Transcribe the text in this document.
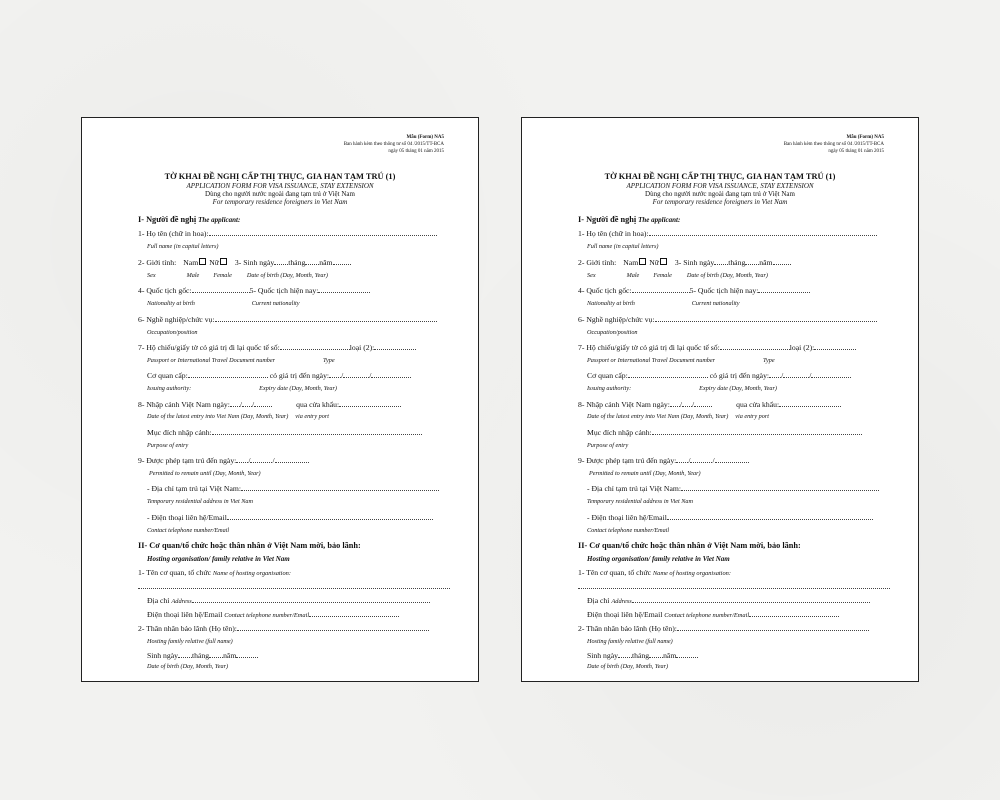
Mẫu (Form) NA5
Ban hành kèm theo thông tư số 04 /2015/TT-BCA
ngày 05 tháng 01 năm 2015
TỜ KHAI ĐỀ NGHỊ CẤP THỊ THỰC, GIA HẠN TẠM TRÚ (1)
APPLICATION FORM FOR VISA ISSUANCE, STAY EXTENSION
Dùng cho người nước ngoài đang tạm trú ở Việt Nam
For temporary residence foreigners in Viet Nam
I- Người đề nghị The applicant:
1- Họ tên (chữ in hoa):
Full name (in capital letters)
2- Giới tính: Nam Nữ 3- Sinh ngày tháng năm
Sex	Male Female Date of birth (Day, Month, Year)
4- Quốc tịch gốc:	5- Quốc tịch hiện nay:
Nationality at birth	Current nationality
6- Nghề nghiệp/chức vụ:
Occupation/position
7- Hộ chiếu/giấy tờ có giá trị đi lại quốc tế số:	loại (2):
Passport or International Travel Document number	Type
Cơ quan cấp:	có giá trị đến ngày: /	/
Issuing authority:	Expiry date (Day, Month, Year)
8- Nhập cảnh Việt Nam ngày: / /	qua cửa khẩu:
Date of the latest entry into Viet Nam (Day, Month, Year) via entry port
Mục đích nhập cảnh:
Purpose of entry
9- Được phép tạm trú đến ngày: /	/
Permitted to remain until (Day, Month, Year)
- Địa chỉ tạm trú tại Việt Nam:
Temporary residential address in Viet Nam
- Điện thoại liên hệ/Email
Contact telephone number/Email
II- Cơ quan/tổ chức hoặc thân nhân ở Việt Nam mời, bảo lãnh:
Hosting organisation/ family relative in Viet Nam
1- Tên cơ quan, tổ chức Name of hosting organisation:
Địa chỉ Address
Điện thoại liên hệ/Email Contact telephone number/Email
2- Thân nhân bảo lãnh (Họ tên):
Hosting family relative (full name)
Sinh ngày tháng năm
Date of birth (Day, Month, Year)
Mẫu (Form) NA5
Ban hành kèm theo thông tư số 04 /2015/TT-BCA
ngày 05 tháng 01 năm 2015
TỜ KHAI ĐỀ NGHỊ CẤP THỊ THỰC, GIA HẠN TẠM TRÚ (1)
APPLICATION FORM FOR VISA ISSUANCE, STAY EXTENSION
Dùng cho người nước ngoài đang tạm trú ở Việt Nam
For temporary residence foreigners in Viet Nam
I- Người đề nghị The applicant:
1- Họ tên (chữ in hoa):
Full name (in capital letters)
2- Giới tính: Nam Nữ 3- Sinh ngày tháng năm
Sex	Male Female Date of birth (Day, Month, Year)
4- Quốc tịch gốc:	5- Quốc tịch hiện nay:
Nationality at birth	Current nationality
6- Nghề nghiệp/chức vụ:
Occupation/position
7- Hộ chiếu/giấy tờ có giá trị đi lại quốc tế số:	loại (2):
Passport or International Travel Document number	Type
Cơ quan cấp:	có giá trị đến ngày: /	/
Issuing authority:	Expiry date (Day, Month, Year)
8- Nhập cảnh Việt Nam ngày: / /	qua cửa khẩu:
Date of the latest entry into Viet Nam (Day, Month, Year) via entry port
Mục đích nhập cảnh:
Purpose of entry
9- Được phép tạm trú đến ngày: /	/
Permitted to remain until (Day, Month, Year)
- Địa chỉ tạm trú tại Việt Nam:
Temporary residential address in Viet Nam
- Điện thoại liên hệ/Email
Contact telephone number/Email
II- Cơ quan/tổ chức hoặc thân nhân ở Việt Nam mời, bảo lãnh:
Hosting organisation/ family relative in Viet Nam
1- Tên cơ quan, tổ chức Name of hosting organisation:
Địa chỉ Address
Điện thoại liên hệ/Email Contact telephone number/Email
2- Thân nhân bảo lãnh (Họ tên):
Hosting family relative (full name)
Sinh ngày tháng năm
Date of birth (Day, Month, Year)
